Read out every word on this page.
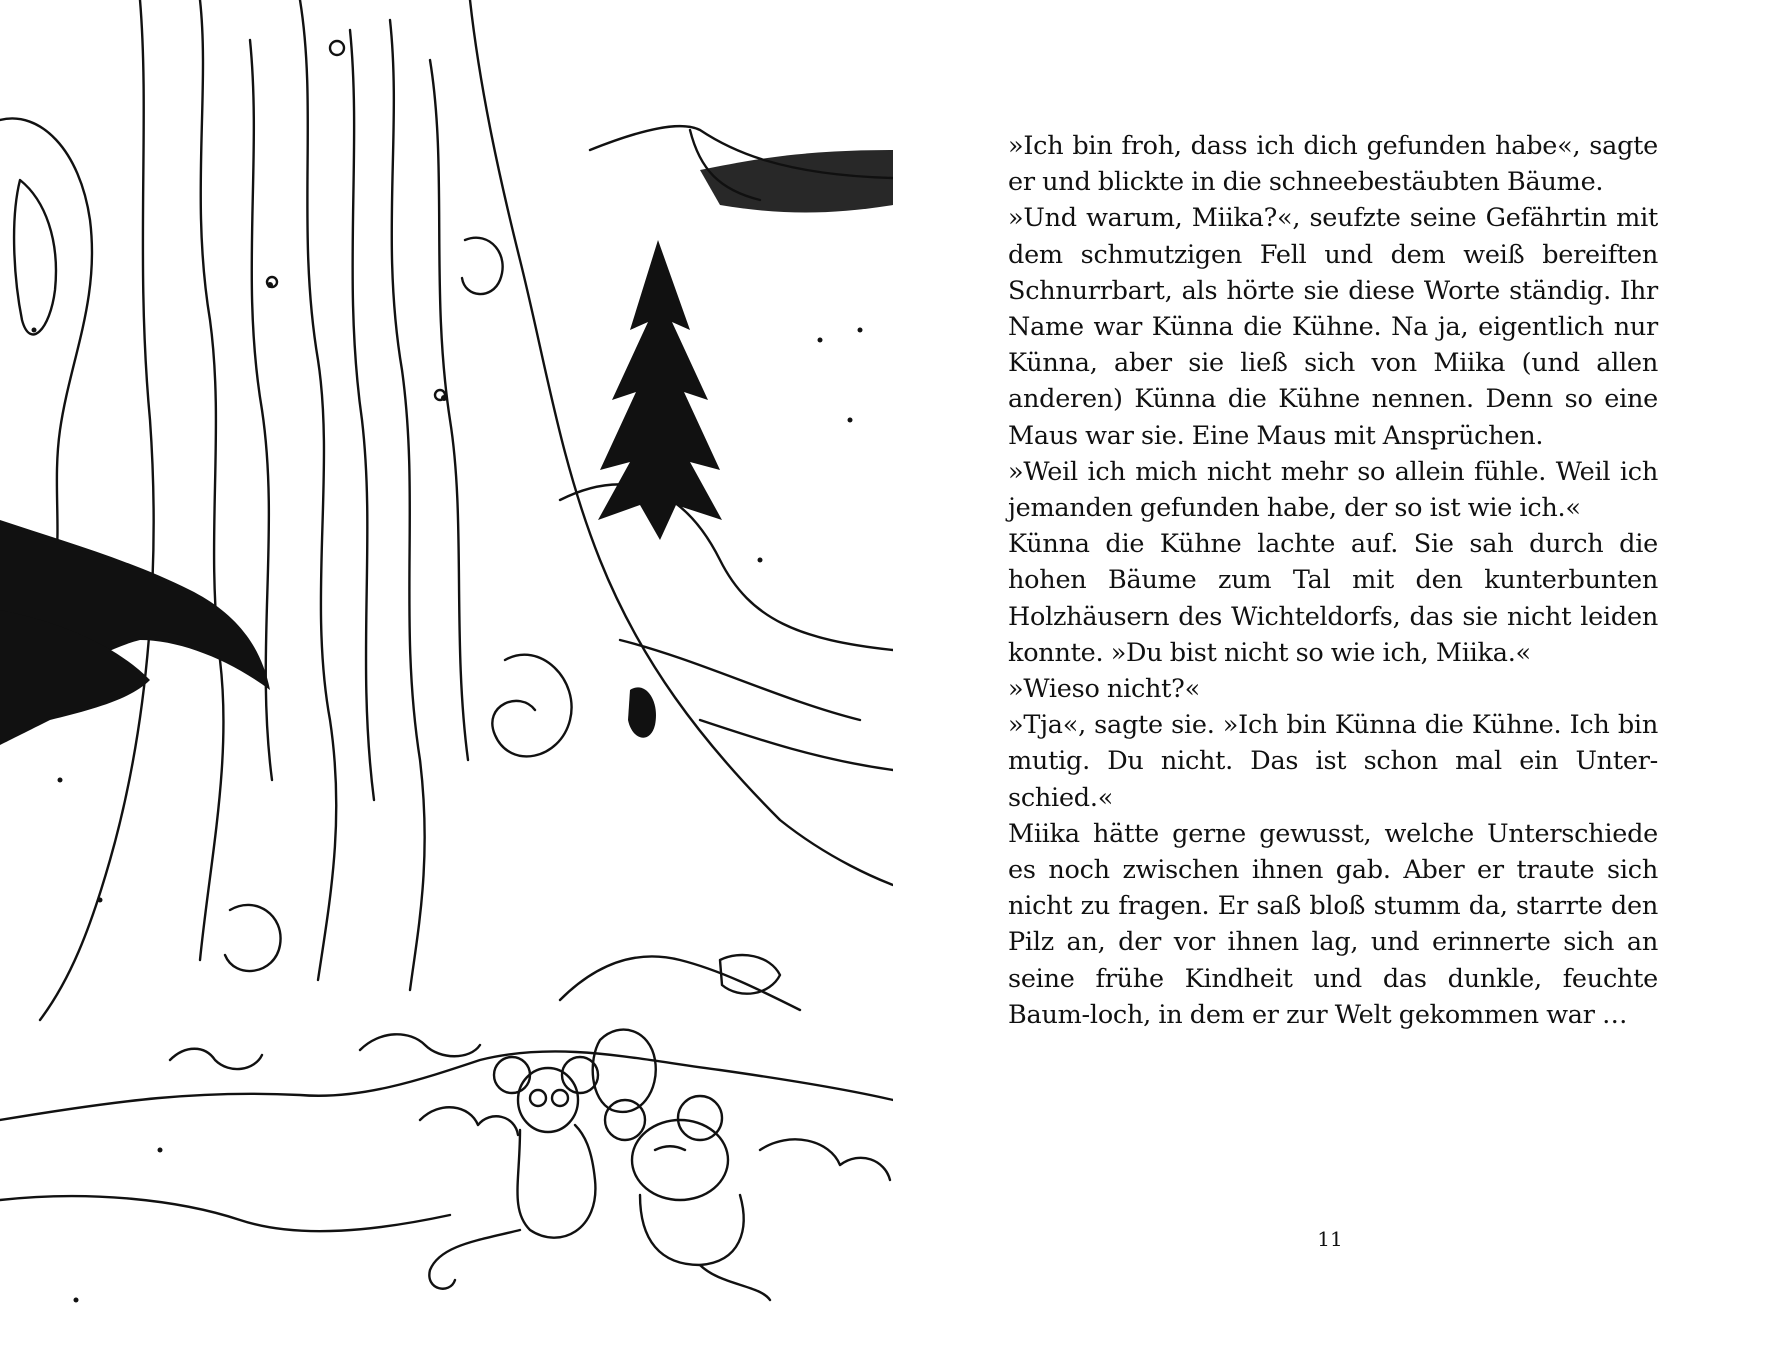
»Ich bin froh, dass ich dich gefunden habe«, sagte er und blickte in die schneebestäubten Bäume.

»Und warum, Miika?«, seufzte seine Gefährtin mit dem schmutzigen Fell und dem weiß bereiften Schnurrbart, als hörte sie diese Worte ständig. Ihr Name war Künna die Kühne. Na ja, eigentlich nur Künna, aber sie ließ sich von Miika (und allen anderen) Künna die Kühne nennen. Denn so eine Maus war sie. Eine Maus mit Ansprüchen.

»Weil ich mich nicht mehr so allein fühle. Weil ich jemanden gefunden habe, der so ist wie ich.«

Künna die Kühne lachte auf. Sie sah durch die hohen Bäume zum Tal mit den kunterbunten Holzhäusern des Wichteldorfs, das sie nicht leiden konnte. »Du bist nicht so wie ich, Miika.«

»Wieso nicht?«

»Tja«, sagte sie. »Ich bin Künna die Kühne. Ich bin mutig. Du nicht. Das ist schon mal ein Unter-schied.«

Miika hätte gerne gewusst, welche Unterschiede es noch zwischen ihnen gab. Aber er traute sich nicht zu fragen. Er saß bloß stumm da, starrte den Pilz an, der vor ihnen lag, und erinnerte sich an seine frühe Kindheit und das dunkle, feuchte Baum-loch, in dem er zur Welt gekommen war …

11
